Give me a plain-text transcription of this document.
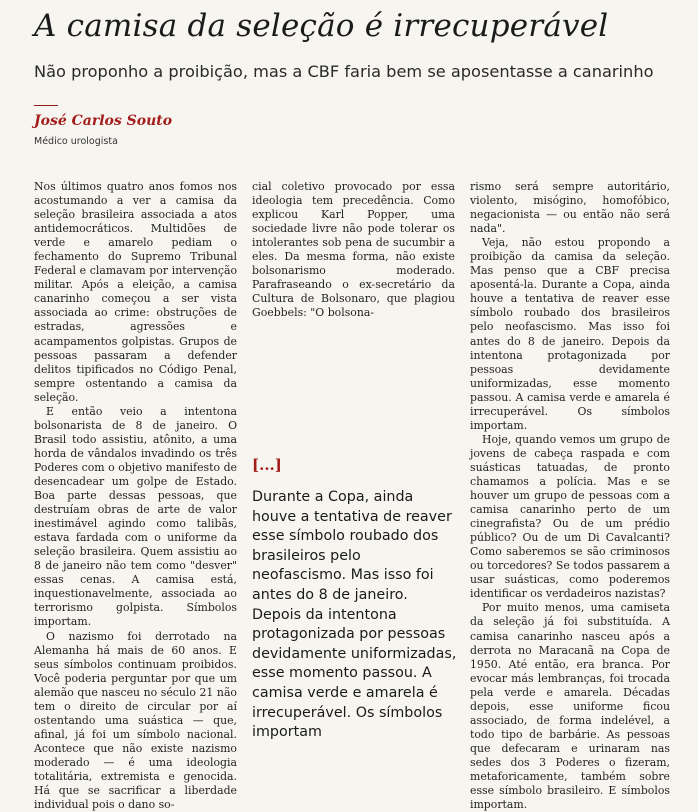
A camisa da seleção é irrecuperável
Não proponho a proibição, mas a CBF faria bem se aposentasse a canarinho
José Carlos Souto
Médico urologista

Nos últimos quatro anos fomos nos acostumando a ver a camisa da seleção brasileira associada a atos antidemocráticos. Multidões de verde e amarelo pediam o fechamento do Supremo Tribunal Federal e clamavam por intervenção militar. Após a eleição, a camisa canarinho começou a ser vista associada ao crime: obstruções de estradas, agressões e acampamentos golpistas. Grupos de pessoas passaram a defender delitos tipificados no Código Penal, sempre ostentando a camisa da seleção.

E então veio a intentona bolsonarista de 8 de janeiro. O Brasil todo assistiu, atônito, a uma horda de vândalos invadindo os três Poderes com o objetivo manifesto de desencadear um golpe de Estado. Boa parte dessas pessoas, que destruíam obras de arte de valor inestimável agindo como talibãs, estava fardada com o uniforme da seleção brasileira. Quem assistiu ao 8 de janeiro não tem como "desver" essas cenas. A camisa está, inquestionavelmente, associada ao terrorismo golpista. Símbolos importam.

O nazismo foi derrotado na Alemanha há mais de 60 anos. E seus símbolos continuam proibidos. Você poderia perguntar por que um alemão que nasceu no século 21 não tem o direito de circular por aí ostentando uma suástica — que, afinal, já foi um símbolo nacional. Acontece que não existe nazismo moderado — é uma ideologia totalitária, extremista e genocida. Há que se sacrificar a liberdade individual pois o dano so-

cial coletivo provocado por essa ideologia tem precedência. Como explicou Karl Popper, uma sociedade livre não pode tolerar os intolerantes sob pena de sucumbir a eles. Da mesma forma, não existe bolsonarismo moderado. Parafraseando o ex-secretário da Cultura de Bolsonaro, que plagiou Goebbels: "O bolsona-

[...]
Durante a Copa, ainda houve a tentativa de reaver esse símbolo roubado dos brasileiros pelo neofascismo. Mas isso foi antes do 8 de janeiro. Depois da intentona protagonizada por pessoas devidamente uniformizadas, esse momento passou. A camisa verde e amarela é irrecuperável. Os símbolos importam

rismo será sempre autoritário, violento, misógino, homofóbico, negacionista — ou então não será nada".

Veja, não estou propondo a proibição da camisa da seleção. Mas penso que a CBF precisa aposentá-la. Durante a Copa, ainda houve a tentativa de reaver esse símbolo roubado dos brasileiros pelo neofascismo. Mas isso foi antes do 8 de janeiro. Depois da intentona protagonizada por pessoas devidamente uniformizadas, esse momento passou. A camisa verde e amarela é irrecuperável. Os símbolos importam.

Hoje, quando vemos um grupo de jovens de cabeça raspada e com suásticas tatuadas, de pronto chamamos a polícia. Mas e se houver um grupo de pessoas com a camisa canarinho perto de um cinegrafista? Ou de um prédio público? Ou de um Di Cavalcanti? Como saberemos se são criminosos ou torcedores? Se todos passarem a usar suásticas, como poderemos identificar os verdadeiros nazistas?

Por muito menos, uma camiseta da seleção já foi substituída. A camisa canarinho nasceu após a derrota no Maracanã na Copa de 1950. Até então, era branca. Por evocar más lembranças, foi trocada pela verde e amarela. Décadas depois, esse uniforme ficou associado, de forma indelével, a todo tipo de barbárie. As pessoas que defecaram e urinaram nas sedes dos 3 Poderes o fizeram, metaforicamente, também sobre esse símbolo brasileiro. E símbolos importam.
